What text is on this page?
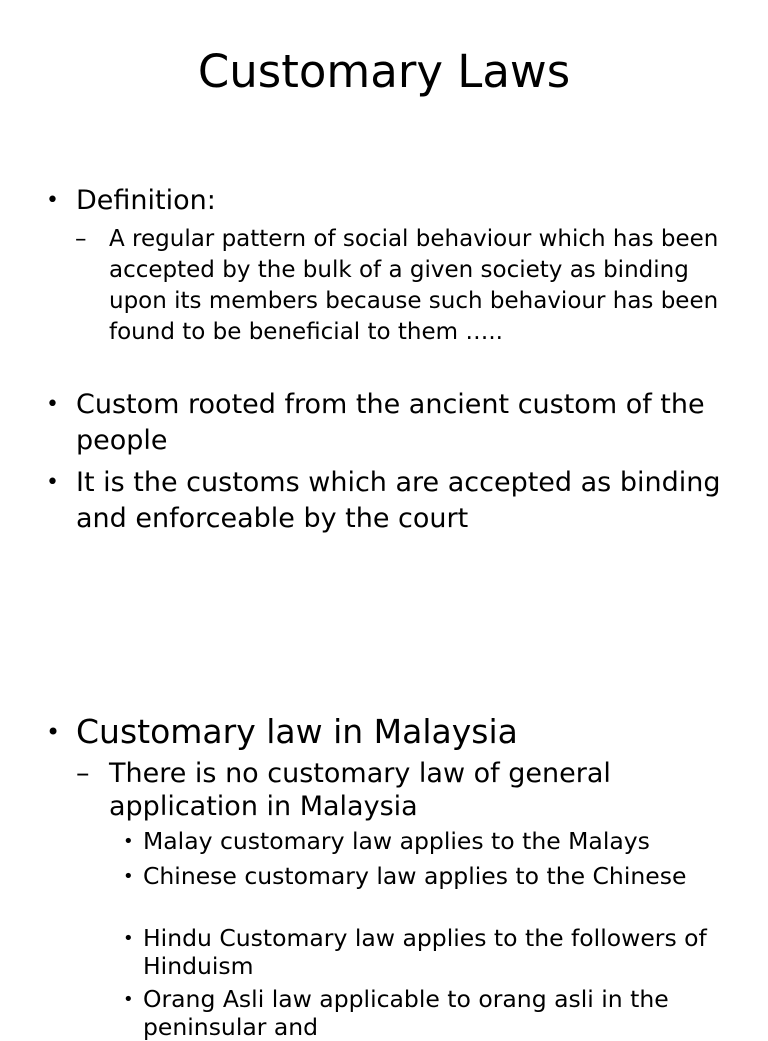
Customary Laws
• Definition:
– A regular pattern of social behaviour which has been accepted by the bulk of a given society as binding upon its members because such behaviour has been found to be beneficial to them …..
• Custom rooted from the ancient custom of the people
• It is the customs which are accepted as binding and enforceable by the court
• Customary law in Malaysia
– There is no customary law of general application in Malaysia
• Malay customary law applies to the Malays
• Chinese customary law applies to the Chinese
• Hindu Customary law applies to the followers of Hinduism
• Orang Asli law applicable to orang asli in the peninsular and
